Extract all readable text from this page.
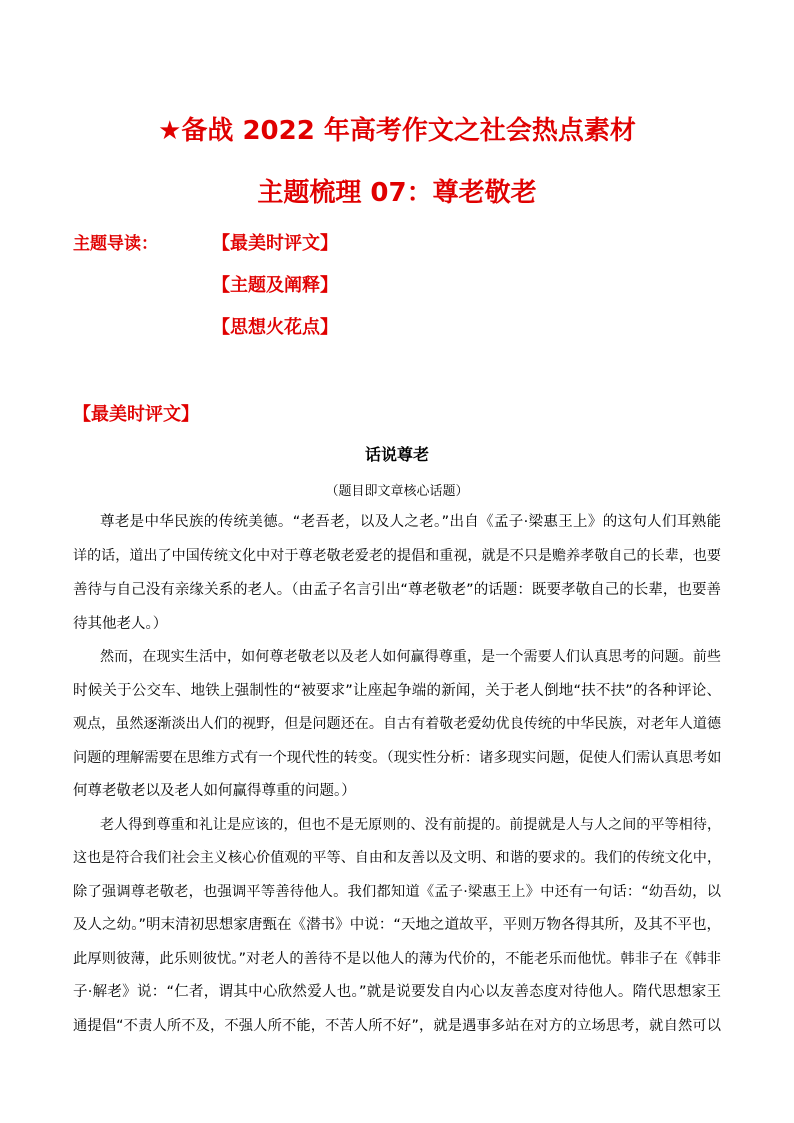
★备战 2022 年高考作文之社会热点素材
主题梳理 07：尊老敬老
主题导读：	【最美时评文】
【主题及阐释】
【思想火花点】
【最美时评文】
话说尊老
（题目即文章核心话题）
尊老是中华民族的传统美德。“老吾老，以及人之老。”出自《孟子·梁惠王上》的这句人们耳熟能
详的话，道出了中国传统文化中对于尊老敬老爱老的提倡和重视，就是不只是赡养孝敬自己的长辈，也要
善待与自己没有亲缘关系的老人。（由孟子名言引出“尊老敬老”的话题：既要孝敬自己的长辈，也要善
待其他老人。）
然而，在现实生活中，如何尊老敬老以及老人如何赢得尊重，是一个需要人们认真思考的问题。前些
时候关于公交车、地铁上强制性的“被要求”让座起争端的新闻，关于老人倒地“扶不扶”的各种评论、
观点，虽然逐渐淡出人们的视野，但是问题还在。自古有着敬老爱幼优良传统的中华民族，对老年人道德
问题的理解需要在思维方式有一个现代性的转变。（现实性分析：诸多现实问题，促使人们需认真思考如
何尊老敬老以及老人如何赢得尊重的问题。）
老人得到尊重和礼让是应该的，但也不是无原则的、没有前提的。前提就是人与人之间的平等相待，
这也是符合我们社会主义核心价值观的平等、自由和友善以及文明、和谐的要求的。我们的传统文化中，
除了强调尊老敬老，也强调平等善待他人。我们都知道《孟子·梁惠王上》中还有一句话：“幼吾幼，以
及人之幼。”明末清初思想家唐甄在《潜书》中说：“天地之道故平，平则万物各得其所，及其不平也，
此厚则彼薄，此乐则彼忧。”对老人的善待不是以他人的薄为代价的，不能老乐而他忧。韩非子在《韩非
子·解老》说：“仁者，谓其中心欣然爱人也。”就是说要发自内心以友善态度对待他人。隋代思想家王
通提倡“不责人所不及，不强人所不能，不苦人所不好”，就是遇事多站在对方的立场思考，就自然可以
